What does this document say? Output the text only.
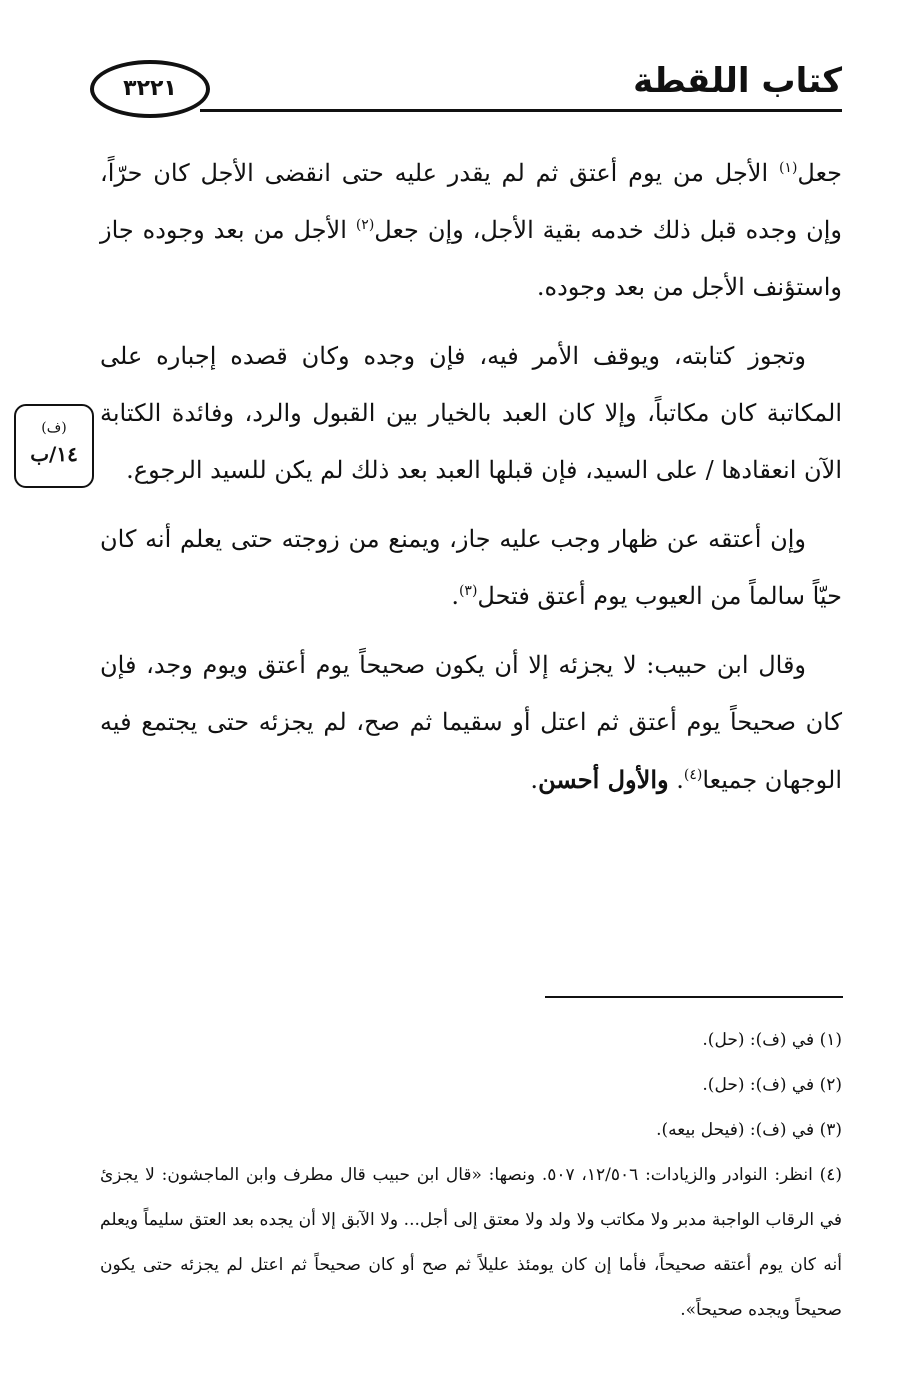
٣٢٢١	كتاب اللقطة
(ف)
١٤/ب

جعل$^{(١)}$ الأجل من يوم أعتق ثم لم يقدر عليه حتى انقضى الأجل كان حرّاً، وإن وجده قبل ذلك خدمه بقية الأجل، وإن جعل$^{(٢)}$ الأجل من بعد وجوده جاز واستؤنف الأجل من بعد وجوده.

وتجوز كتابته، ويوقف الأمر فيه، فإن وجده وكان قصده إجباره على المكاتبة كان مكاتباً، وإلا كان العبد بالخيار بين القبول والرد، وفائدة الكتابة الآن انعقادها / على السيد، فإن قبلها العبد بعد ذلك لم يكن للسيد الرجوع.

وإن أعتقه عن ظهار وجب عليه جاز، ويمنع من زوجته حتى يعلم أنه كان حيّاً سالماً من العيوب يوم أعتق فتحل$^{(٣)}$.

وقال ابن حبيب: لا يجزئه إلا أن يكون صحيحاً يوم أعتق ويوم وجد، فإن كان صحيحاً يوم أعتق ثم اعتل أو سقيما ثم صح، لم يجزئه حتى يجتمع فيه الوجهان جميعا$^{(٤)}$. والأول أحسن.

(١) في (ف): (حل).

(٢) في (ف): (حل).

(٣) في (ف): (فيحل بيعه).

(٤) انظر: النوادر والزيادات: ١٢/٥٠٦، ٥٠٧. ونصها: «قال ابن حبيب قال مطرف وابن الماجشون: لا يجزئ في الرقاب الواجبة مدبر ولا مكاتب ولا ولد ولا معتق إلى أجل... ولا الآبق إلا أن يجده بعد العتق سليماً ويعلم أنه كان يوم أعتقه صحيحاً، فأما إن كان يومئذ عليلاً ثم صح أو كان صحيحاً ثم اعتل لم يجزئه حتى يكون صحيحاً ويجده صحيحاً».
